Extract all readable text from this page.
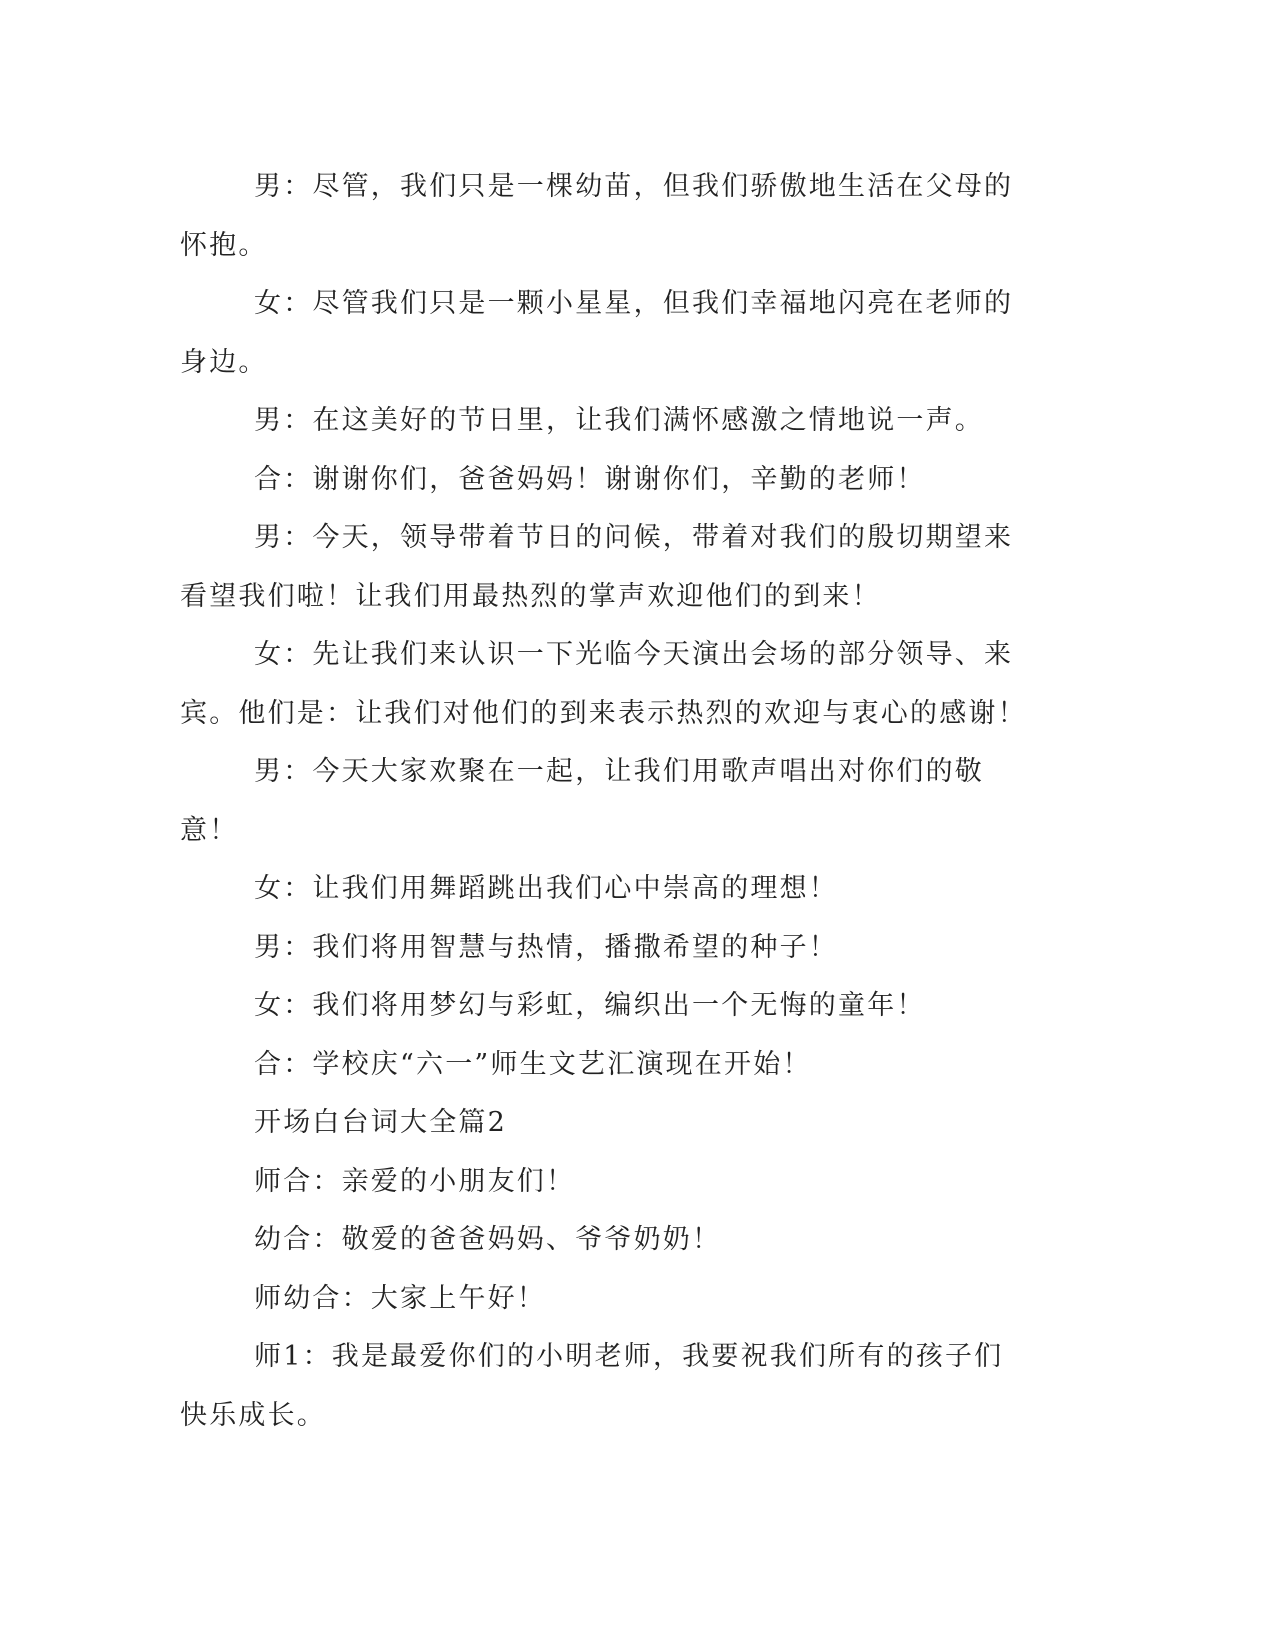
男：尽管，我们只是一棵幼苗，但我们骄傲地生活在父母的怀抱。

女：尽管我们只是一颗小星星，但我们幸福地闪亮在老师的身边。

男：在这美好的节日里，让我们满怀感激之情地说一声。

合：谢谢你们，爸爸妈妈！谢谢你们，辛勤的老师！

男：今天，领导带着节日的问候，带着对我们的殷切期望来看望我们啦！让我们用最热烈的掌声欢迎他们的到来！

女：先让我们来认识一下光临今天演出会场的部分领导、来宾。他们是：让我们对他们的到来表示热烈的欢迎与衷心的感谢！

男：今天大家欢聚在一起，让我们用歌声唱出对你们的敬意！

女：让我们用舞蹈跳出我们心中崇高的理想！

男：我们将用智慧与热情，播撒希望的种子！

女：我们将用梦幻与彩虹，编织出一个无悔的童年！

合：学校庆“六一”师生文艺汇演现在开始！

开场白台词大全篇2

师合：亲爱的小朋友们！

幼合：敬爱的爸爸妈妈、爷爷奶奶！

师幼合：大家上午好！

师1：我是最爱你们的小明老师，我要祝我们所有的孩子们快乐成长。
